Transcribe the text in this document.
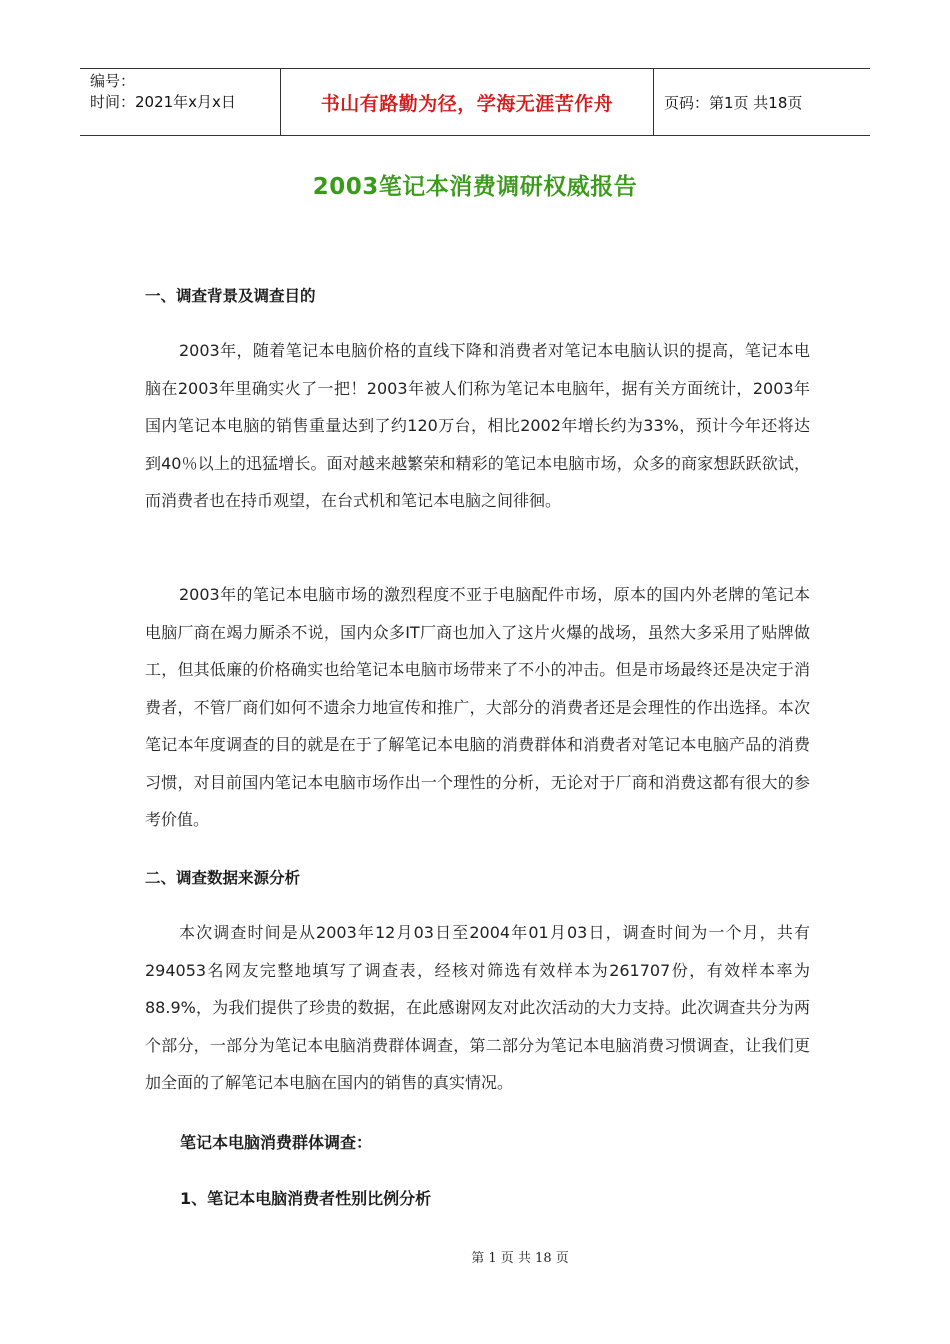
编号：
时间：2021年x月x日	书山有路勤为径，学海无涯苦作舟	页码：第1页 共18页
2003笔记本消费调研权威报告
一、调查背景及调查目的
2003年，随着笔记本电脑价格的直线下降和消费者对笔记本电脑认识的提高，笔记本电脑在2003年里确实火了一把！2003年被人们称为笔记本电脑年，据有关方面统计，2003年国内笔记本电脑的销售重量达到了约120万台，相比2002年增长约为33%，预计今年还将达到40％以上的迅猛增长。面对越来越繁荣和精彩的笔记本电脑市场，众多的商家想跃跃欲试，而消费者也在持币观望，在台式机和笔记本电脑之间徘徊。
2003年的笔记本电脑市场的激烈程度不亚于电脑配件市场，原本的国内外老牌的笔记本电脑厂商在竭力厮杀不说，国内众多IT厂商也加入了这片火爆的战场，虽然大多采用了贴牌做工，但其低廉的价格确实也给笔记本电脑市场带来了不小的冲击。但是市场最终还是决定于消费者，不管厂商们如何不遗余力地宣传和推广，大部分的消费者还是会理性的作出选择。本次笔记本年度调查的目的就是在于了解笔记本电脑的消费群体和消费者对笔记本电脑产品的消费习惯，对目前国内笔记本电脑市场作出一个理性的分析，无论对于厂商和消费这都有很大的参考价值。
二、调查数据来源分析
本次调查时间是从2003年12月03日至2004年01月03日，调查时间为一个月，共有294053名网友完整地填写了调查表，经核对筛选有效样本为261707份，有效样本率为88.9%，为我们提供了珍贵的数据，在此感谢网友对此次活动的大力支持。此次调查共分为两个部分，一部分为笔记本电脑消费群体调查，第二部分为笔记本电脑消费习惯调查，让我们更加全面的了解笔记本电脑在国内的销售的真实情况。
笔记本电脑消费群体调查：
1、笔记本电脑消费者性别比例分析
第 1 页 共 18 页
